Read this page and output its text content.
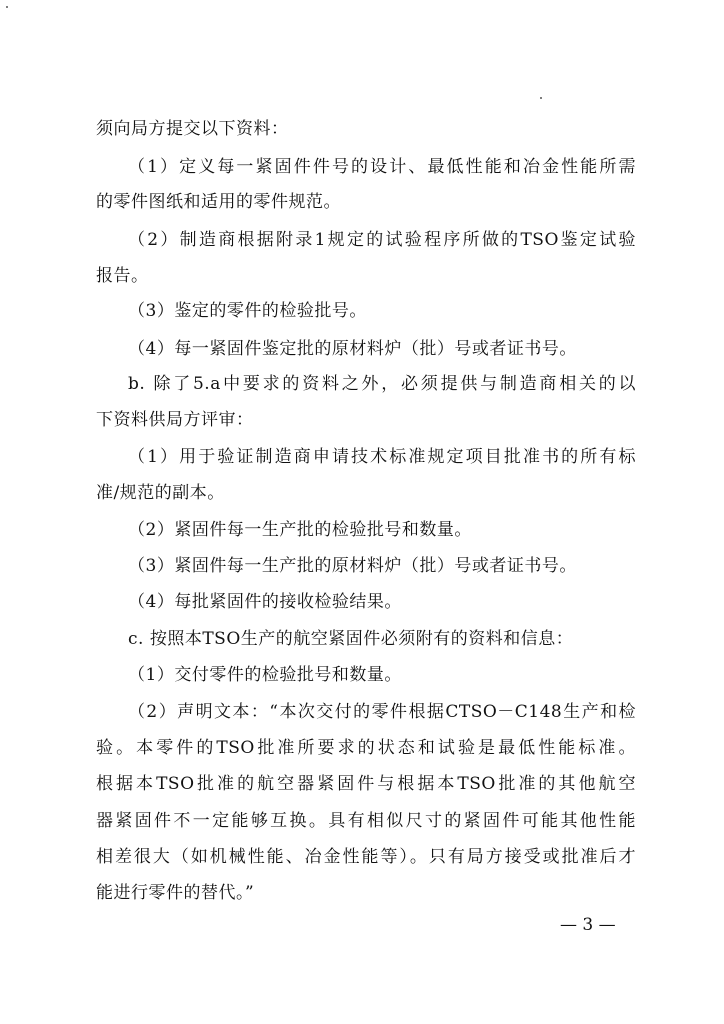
须向局方提交以下资料：
（1）定义每一紧固件件号的设计、最低性能和冶金性能所需
的零件图纸和适用的零件规范。
（2）制造商根据附录1规定的试验程序所做的TSO鉴定试验
报告。
（3）鉴定的零件的检验批号。
（4）每一紧固件鉴定批的原材料炉（批）号或者证书号。
b. 除了5.a中要求的资料之外，必须提供与制造商相关的以
下资料供局方评审：
（1）用于验证制造商申请技术标准规定项目批准书的所有标
准/规范的副本。
（2）紧固件每一生产批的检验批号和数量。
（3）紧固件每一生产批的原材料炉（批）号或者证书号。
（4）每批紧固件的接收检验结果。
c. 按照本TSO生产的航空紧固件必须附有的资料和信息：
（1）交付零件的检验批号和数量。
（2）声明文本：“本次交付的零件根据CTSO－C148生产和检
验。本零件的TSO批准所要求的状态和试验是最低性能标准。
根据本TSO批准的航空器紧固件与根据本TSO批准的其他航空
器紧固件不一定能够互换。具有相似尺寸的紧固件可能其他性能
相差很大（如机械性能、冶金性能等）。只有局方接受或批准后才
能进行零件的替代。”
— 3 —
